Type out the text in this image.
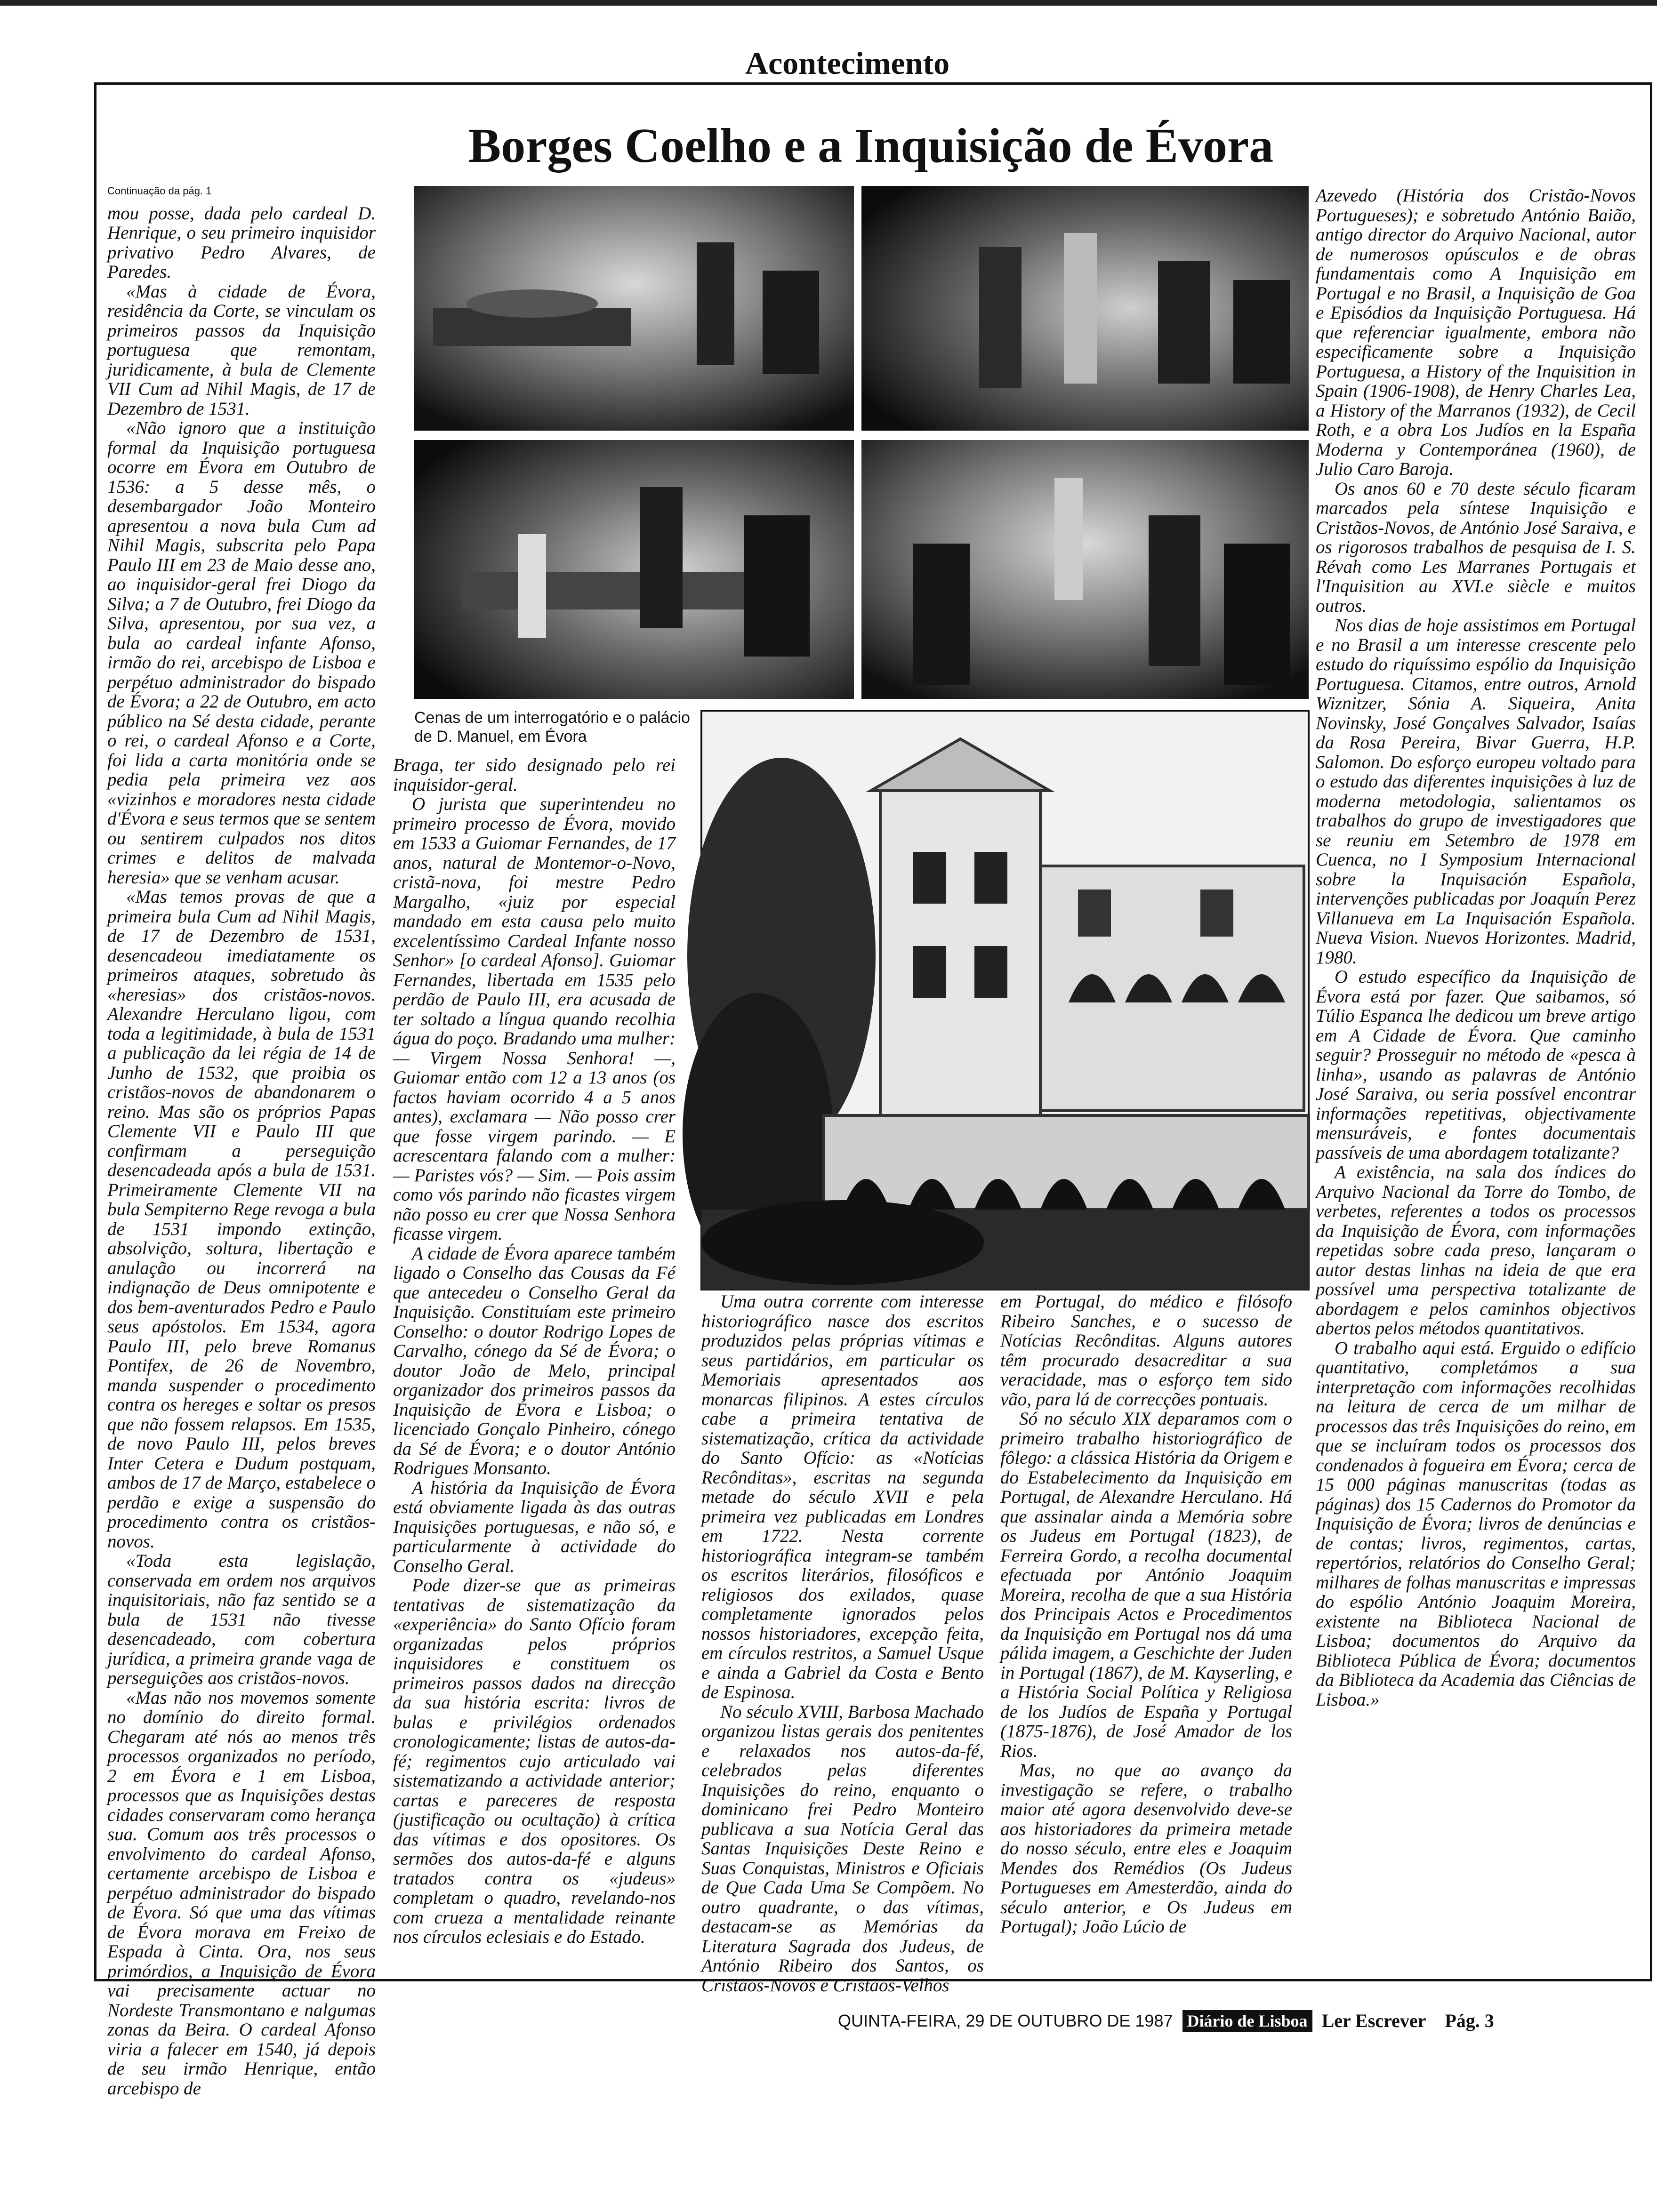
Acontecimento
Borges Coelho e a Inquisição de Évora
Continuação da pág. 1

mou posse, dada pelo cardeal D. Henrique, o seu primeiro inquisidor privativo Pedro Alvares, de Paredes.

«Mas à cidade de Évora, residência da Corte, se vinculam os primeiros passos da Inquisição portuguesa que remontam, juridicamente, à bula de Clemente VII Cum ad Nihil Magis, de 17 de Dezembro de 1531.

«Não ignoro que a instituição formal da Inquisição portuguesa ocorre em Évora em Outubro de 1536: a 5 desse mês, o desembargador João Monteiro apresentou a nova bula Cum ad Nihil Magis, subscrita pelo Papa Paulo III em 23 de Maio desse ano, ao inquisidor-geral frei Diogo da Silva; a 7 de Outubro, frei Diogo da Silva, apresentou, por sua vez, a bula ao cardeal infante Afonso, irmão do rei, arcebispo de Lisboa e perpétuo administrador do bispado de Évora; a 22 de Outubro, em acto público na Sé desta cidade, perante o rei, o cardeal Afonso e a Corte, foi lida a carta monitória onde se pedia pela primeira vez aos «vizinhos e moradores nesta cidade d'Évora e seus termos que se sentem ou sentirem culpados nos ditos crimes e delitos de malvada heresia» que se venham acusar.

«Mas temos provas de que a primeira bula Cum ad Nihil Magis, de 17 de Dezembro de 1531, desencadeou imediatamente os primeiros ataques, sobretudo às «heresias» dos cristãos-novos. Alexandre Herculano ligou, com toda a legitimidade, à bula de 1531 a publicação da lei régia de 14 de Junho de 1532, que proibia os cristãos-novos de abandonarem o reino. Mas são os próprios Papas Clemente VII e Paulo III que confirmam a perseguição desencadeada após a bula de 1531. Primeiramente Clemente VII na bula Sempiterno Rege revoga a bula de 1531 impondo extinção, absolvição, soltura, libertação e anulação ou incorrerá na indignação de Deus omnipotente e dos bem-aventurados Pedro e Paulo seus apóstolos. Em 1534, agora Paulo III, pelo breve Romanus Pontifex, de 26 de Novembro, manda suspender o procedimento contra os hereges e soltar os presos que não fossem relapsos. Em 1535, de novo Paulo III, pelos breves Inter Cetera e Dudum postquam, ambos de 17 de Março, estabelece o perdão e exige a suspensão do procedimento contra os cristãos-novos.

«Toda esta legislação, conservada em ordem nos arquivos inquisitoriais, não faz sentido se a bula de 1531 não tivesse desencadeado, com cobertura jurídica, a primeira grande vaga de perseguições aos cristãos-novos.

«Mas não nos movemos somente no domínio do direito formal. Chegaram até nós ao menos três processos organizados no período, 2 em Évora e 1 em Lisboa, processos que as Inquisições destas cidades conservaram como herança sua. Comum aos três processos o envolvimento do cardeal Afonso, certamente arcebispo de Lisboa e perpétuo administrador do bispado de Évora. Só que uma das vítimas de Évora morava em Freixo de Espada à Cinta. Ora, nos seus primórdios, a Inquisição de Évora vai precisamente actuar no Nordeste Transmontano e nalgumas zonas da Beira. O cardeal Afonso viria a falecer em 1540, já depois de seu irmão Henrique, então arcebispo de

Cenas de um interrogatório e o palácio de D. Manuel, em Évora

Braga, ter sido designado pelo rei inquisidor-geral.

O jurista que superintendeu no primeiro processo de Évora, movido em 1533 a Guiomar Fernandes, de 17 anos, natural de Montemor-o-Novo, cristã-nova, foi mestre Pedro Margalho, «juiz por especial mandado em esta causa pelo muito excelentíssimo Cardeal Infante nosso Senhor» [o cardeal Afonso]. Guiomar Fernandes, libertada em 1535 pelo perdão de Paulo III, era acusada de ter soltado a língua quando recolhia água do poço. Bradando uma mulher: — Virgem Nossa Senhora! —, Guiomar então com 12 a 13 anos (os factos haviam ocorrido 4 a 5 anos antes), exclamara — Não posso crer que fosse virgem parindo. — E acrescentara falando com a mulher: — Paristes vós? — Sim. — Pois assim como vós parindo não ficastes virgem não posso eu crer que Nossa Senhora ficasse virgem.

A cidade de Évora aparece também ligado o Conselho das Cousas da Fé que antecedeu o Conselho Geral da Inquisição. Constituíam este primeiro Conselho: o doutor Rodrigo Lopes de Carvalho, cónego da Sé de Évora; o doutor João de Melo, principal organizador dos primeiros passos da Inquisição de Évora e Lisboa; o licenciado Gonçalo Pinheiro, cónego da Sé de Évora; e o doutor António Rodrigues Monsanto.

A história da Inquisição de Évora está obviamente ligada às das outras Inquisições portuguesas, e não só, e particularmente à actividade do Conselho Geral.

Pode dizer-se que as primeiras tentativas de sistematização da «experiência» do Santo Ofício foram organizadas pelos próprios inquisidores e constituem os primeiros passos dados na direcção da sua história escrita: livros de bulas e privilégios ordenados cronologicamente; listas de autos-da-fé; regimentos cujo articulado vai sistematizando a actividade anterior; cartas e pareceres de resposta (justificação ou ocultação) à crítica das vítimas e dos opositores. Os sermões dos autos-da-fé e alguns tratados contra os «judeus» completam o quadro, revelando-nos com crueza a mentalidade reinante nos círculos eclesiais e do Estado.

Uma outra corrente com interesse historiográfico nasce dos escritos produzidos pelas próprias vítimas e seus partidários, em particular os Memoriais apresentados aos monarcas filipinos. A estes círculos cabe a primeira tentativa de sistematização, crítica da actividade do Santo Ofício: as «Notícias Recônditas», escritas na segunda metade do século XVII e pela primeira vez publicadas em Londres em 1722. Nesta corrente historiográfica integram-se também os escritos literários, filosóficos e religiosos dos exilados, quase completamente ignorados pelos nossos historiadores, excepção feita, em círculos restritos, a Samuel Usque e ainda a Gabriel da Costa e Bento de Espinosa.

No século XVIII, Barbosa Machado organizou listas gerais dos penitentes e relaxados nos autos-da-fé, celebrados pelas diferentes Inquisições do reino, enquanto o dominicano frei Pedro Monteiro publicava a sua Notícia Geral das Santas Inquisições Deste Reino e Suas Conquistas, Ministros e Oficiais de Que Cada Uma Se Compõem. No outro quadrante, o das vítimas, destacam-se as Memórias da Literatura Sagrada dos Judeus, de António Ribeiro dos Santos, os Cristãos-Novos e Cristãos-Velhos

em Portugal, do médico e filósofo Ribeiro Sanches, e o sucesso de Notícias Recônditas. Alguns autores têm procurado desacreditar a sua veracidade, mas o esforço tem sido vão, para lá de correcções pontuais.

Só no século XIX deparamos com o primeiro trabalho historiográfico de fôlego: a clássica História da Origem e do Estabelecimento da Inquisição em Portugal, de Alexandre Herculano. Há que assinalar ainda a Memória sobre os Judeus em Portugal (1823), de Ferreira Gordo, a recolha documental efectuada por António Joaquim Moreira, recolha de que a sua História dos Principais Actos e Procedimentos da Inquisição em Portugal nos dá uma pálida imagem, a Geschichte der Juden in Portugal (1867), de M. Kayserling, e a História Social Política y Religiosa de los Judíos de España y Portugal (1875-1876), de José Amador de los Rios.

Mas, no que ao avanço da investigação se refere, o trabalho maior até agora desenvolvido deve-se aos historiadores da primeira metade do nosso século, entre eles e Joaquim Mendes dos Remédios (Os Judeus Portugueses em Amesterdão, ainda do século anterior, e Os Judeus em Portugal); João Lúcio de

Azevedo (História dos Cristão-Novos Portugueses); e sobretudo António Baião, antigo director do Arquivo Nacional, autor de numerosos opúsculos e de obras fundamentais como A Inquisição em Portugal e no Brasil, a Inquisição de Goa e Episódios da Inquisição Portuguesa. Há que referenciar igualmente, embora não especificamente sobre a Inquisição Portuguesa, a History of the Inquisition in Spain (1906-1908), de Henry Charles Lea, a History of the Marranos (1932), de Cecil Roth, e a obra Los Judíos en la España Moderna y Contemporánea (1960), de Julio Caro Baroja.

Os anos 60 e 70 deste século ficaram marcados pela síntese Inquisição e Cristãos-Novos, de António José Saraiva, e os rigorosos trabalhos de pesquisa de I. S. Révah como Les Marranes Portugais et l'Inquisition au XVI.e siècle e muitos outros.

Nos dias de hoje assistimos em Portugal e no Brasil a um interesse crescente pelo estudo do riquíssimo espólio da Inquisição Portuguesa. Citamos, entre outros, Arnold Wiznitzer, Sónia A. Siqueira, Anita Novinsky, José Gonçalves Salvador, Isaías da Rosa Pereira, Bivar Guerra, H.P. Salomon. Do esforço europeu voltado para o estudo das diferentes inquisições à luz de moderna metodologia, salientamos os trabalhos do grupo de investigadores que se reuniu em Setembro de 1978 em Cuenca, no I Symposium Internacional sobre la Inquisación Española, intervenções publicadas por Joaquín Perez Villanueva em La Inquisación Española. Nueva Vision. Nuevos Horizontes. Madrid, 1980.

O estudo específico da Inquisição de Évora está por fazer. Que saibamos, só Túlio Espanca lhe dedicou um breve artigo em A Cidade de Évora. Que caminho seguir? Prosseguir no método de «pesca à linha», usando as palavras de António José Saraiva, ou seria possível encontrar informações repetitivas, objectivamente mensuráveis, e fontes documentais passíveis de uma abordagem totalizante?

A existência, na sala dos índices do Arquivo Nacional da Torre do Tombo, de verbetes, referentes a todos os processos da Inquisição de Évora, com informações repetidas sobre cada preso, lançaram o autor destas linhas na ideia de que era possível uma perspectiva totalizante de abordagem e pelos caminhos objectivos abertos pelos métodos quantitativos.

O trabalho aqui está. Erguido o edifício quantitativo, completámos a sua interpretação com informações recolhidas na leitura de cerca de um milhar de processos das três Inquisições do reino, em que se incluíram todos os processos dos condenados à fogueira em Évora; cerca de 15 000 páginas manuscritas (todas as páginas) dos 15 Cadernos do Promotor da Inquisição de Évora; livros de denúncias e de contas; livros, regimentos, cartas, repertórios, relatórios do Conselho Geral; milhares de folhas manuscritas e impressas do espólio António Joaquim Moreira, existente na Biblioteca Nacional de Lisboa; documentos do Arquivo da Biblioteca Pública de Évora; documentos da Biblioteca da Academia das Ciências de Lisboa.»

QUINTA-FEIRA, 29 DE OUTUBRO DE 1987 Diário de Lisboa Ler Escrever Pág. 3
